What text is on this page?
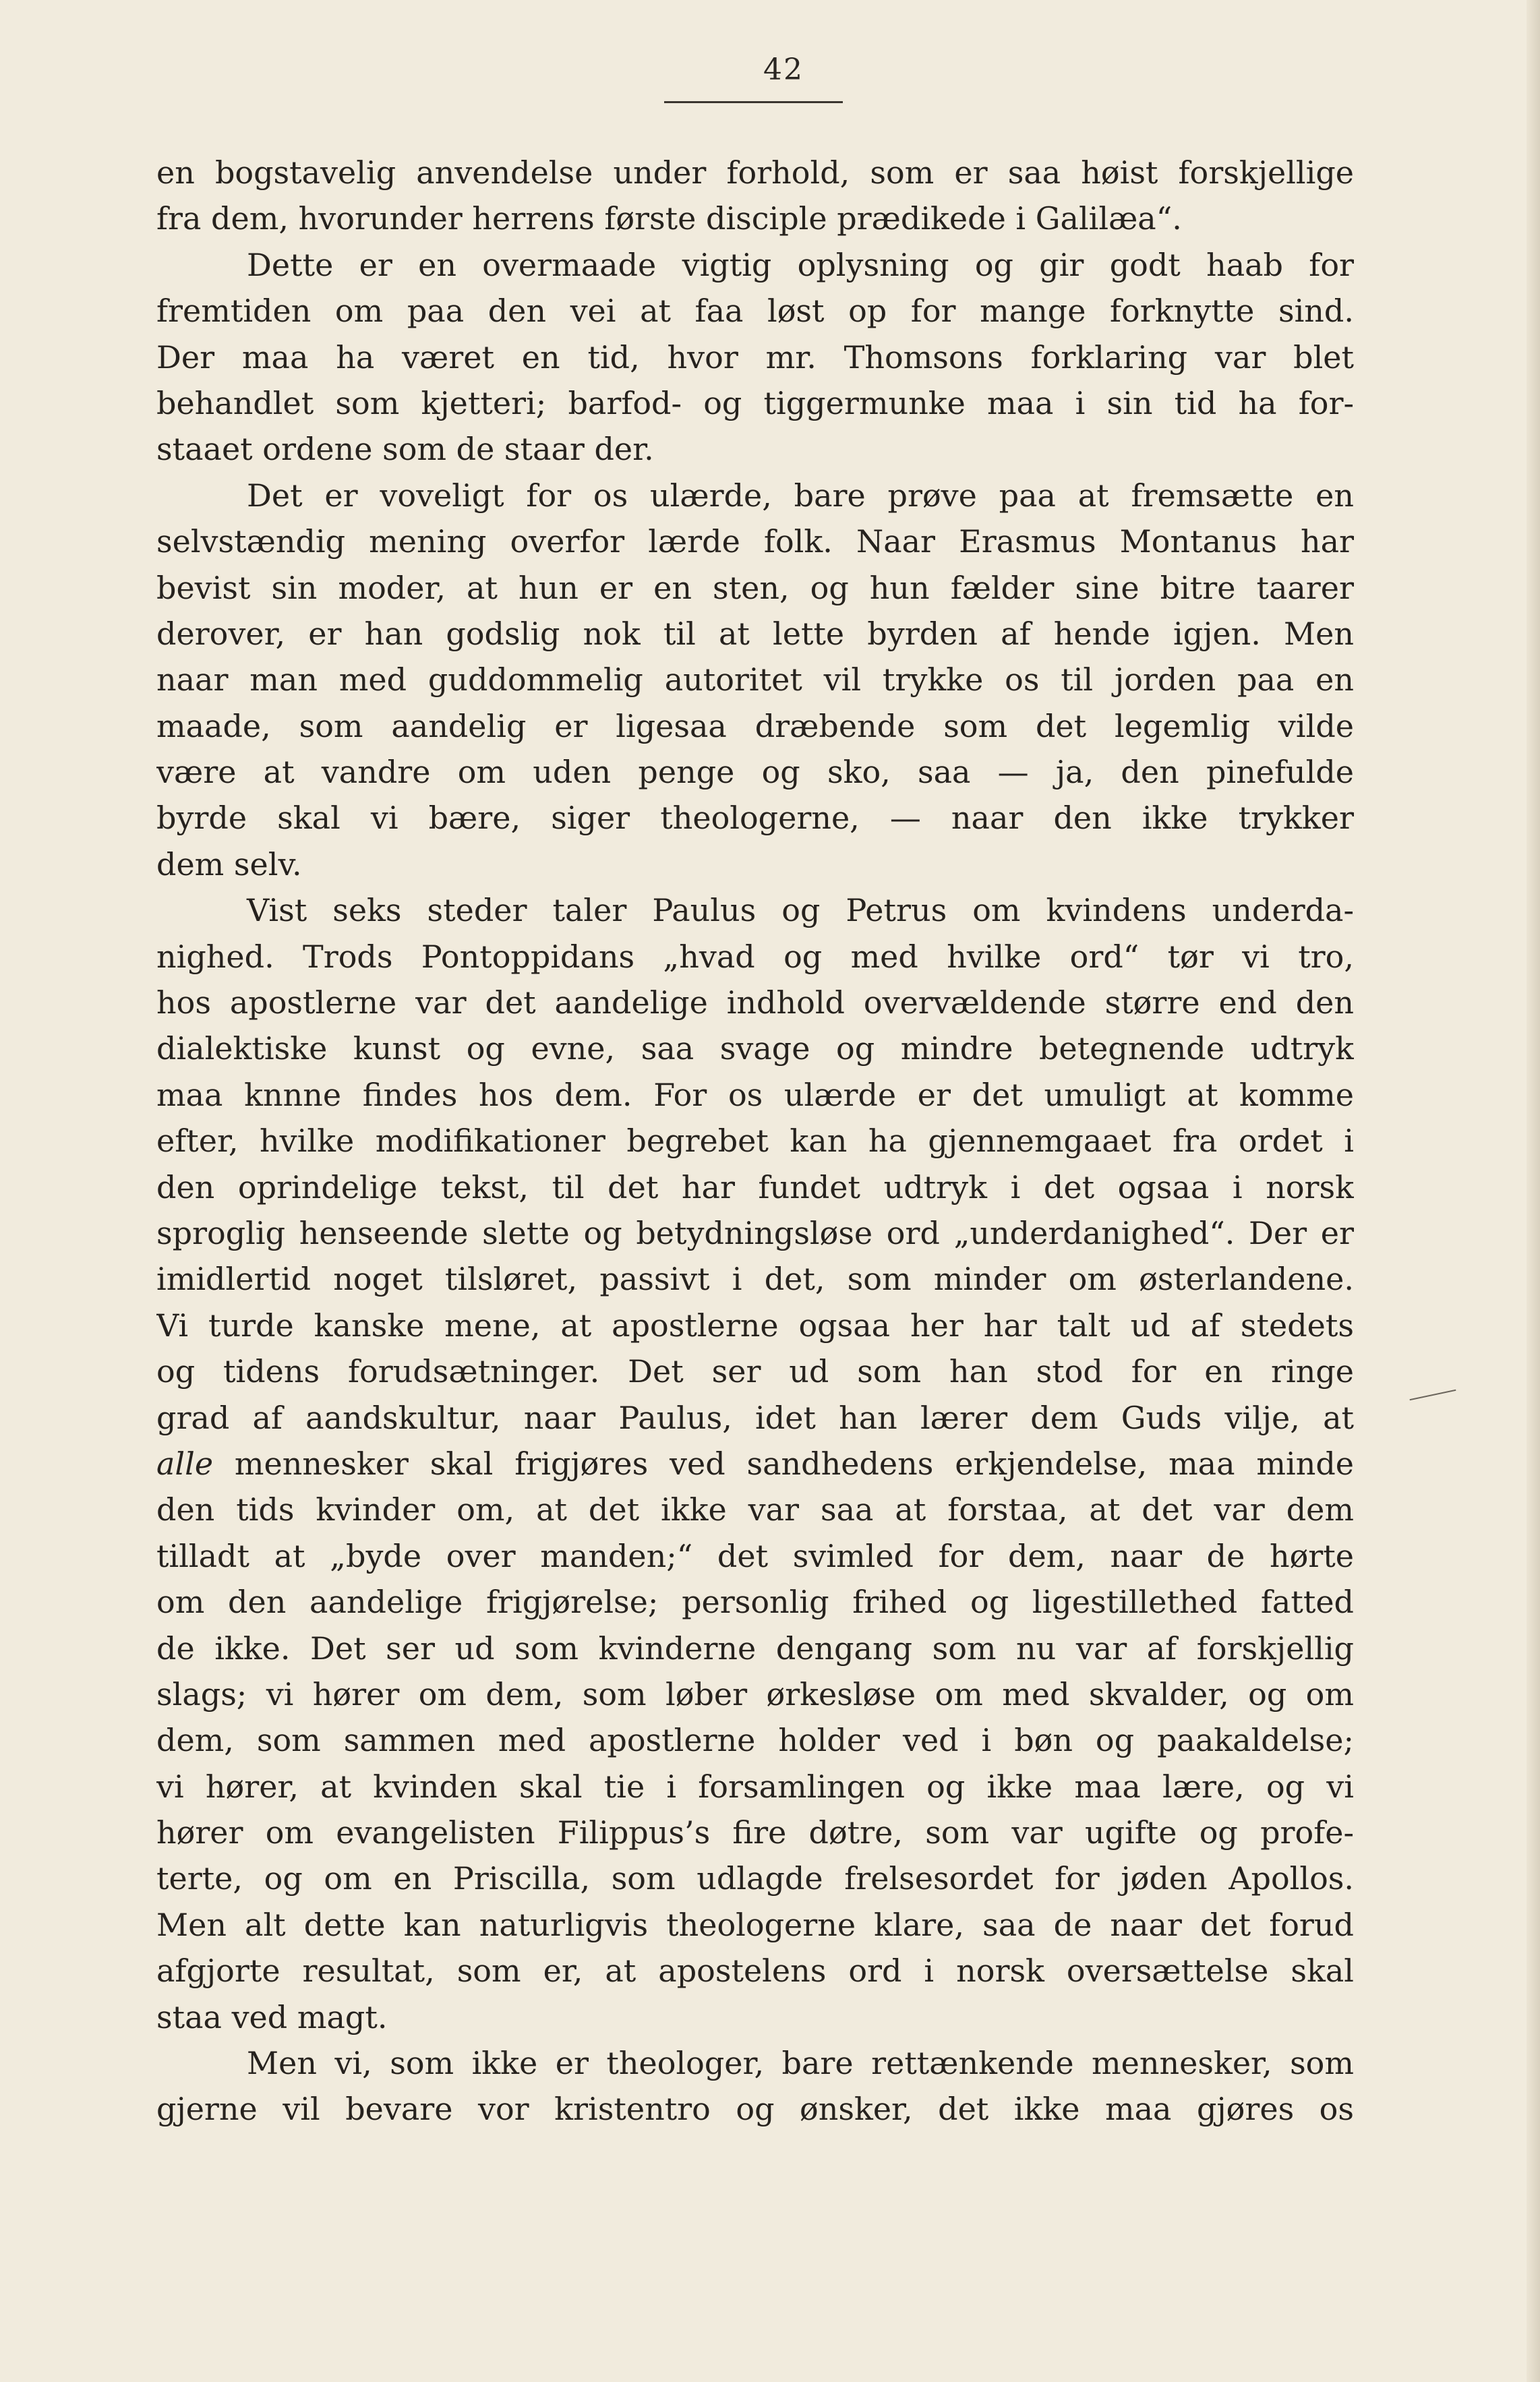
42
en bogstavelig anvendelse under forhold, som er saa høist forskjellige
fra dem, hvorunder herrens første disciple prædikede i Galilæa“.
Dette er en overmaade vigtig oplysning og gir godt haab for
fremtiden om paa den vei at faa løst op for mange forknytte sind.
Der maa ha været en tid, hvor mr. Thomsons forklaring var blet
behandlet som kjetteri; barfod- og tiggermunke maa i sin tid ha for-
staaet ordene som de staar der.
Det er voveligt for os ulærde, bare prøve paa at fremsætte en
selvstændig mening overfor lærde folk. Naar Erasmus Montanus har
bevist sin moder, at hun er en sten, og hun fælder sine bitre taarer
derover, er han godslig nok til at lette byrden af hende igjen. Men
naar man med guddommelig autoritet vil trykke os til jorden paa en
maade, som aandelig er ligesaa dræbende som det legemlig vilde
være at vandre om uden penge og sko, saa — ja, den pinefulde
byrde skal vi bære, siger theologerne, — naar den ikke trykker
dem selv.
Vist seks steder taler Paulus og Petrus om kvindens underda-
nighed. Trods Pontoppidans „hvad og med hvilke ord“ tør vi tro,
hos apostlerne var det aandelige indhold overvældende større end den
dialektiske kunst og evne, saa svage og mindre betegnende udtryk
maa knnne findes hos dem. For os ulærde er det umuligt at komme
efter, hvilke modifikationer begrebet kan ha gjennemgaaet fra ordet i
den oprindelige tekst, til det har fundet udtryk i det ogsaa i norsk
sproglig henseende slette og betydningsløse ord „underdanighed“. Der er
imidlertid noget tilsløret, passivt i det, som minder om østerlandene.
Vi turde kanske mene, at apostlerne ogsaa her har talt ud af stedets
og tidens forudsætninger. Det ser ud som han stod for en ringe
grad af aandskultur, naar Paulus, idet han lærer dem Guds vilje, at
alle mennesker skal frigjøres ved sandhedens erkjendelse, maa minde
den tids kvinder om, at det ikke var saa at forstaa, at det var dem
tilladt at „byde over manden;“ det svimled for dem, naar de hørte
om den aandelige frigjørelse; personlig frihed og ligestillethed fatted
de ikke. Det ser ud som kvinderne dengang som nu var af forskjellig
slags; vi hører om dem, som løber ørkesløse om med skvalder, og om
dem, som sammen med apostlerne holder ved i bøn og paakaldelse;
vi hører, at kvinden skal tie i forsamlingen og ikke maa lære, og vi
hører om evangelisten Filippus’s fire døtre, som var ugifte og profe-
terte, og om en Priscilla, som udlagde frelsesordet for jøden Apollos.
Men alt dette kan naturligvis theologerne klare, saa de naar det forud
afgjorte resultat, som er, at apostelens ord i norsk oversættelse skal
staa ved magt.
Men vi, som ikke er theologer, bare rettænkende mennesker, som
gjerne vil bevare vor kristentro og ønsker, det ikke maa gjøres os
